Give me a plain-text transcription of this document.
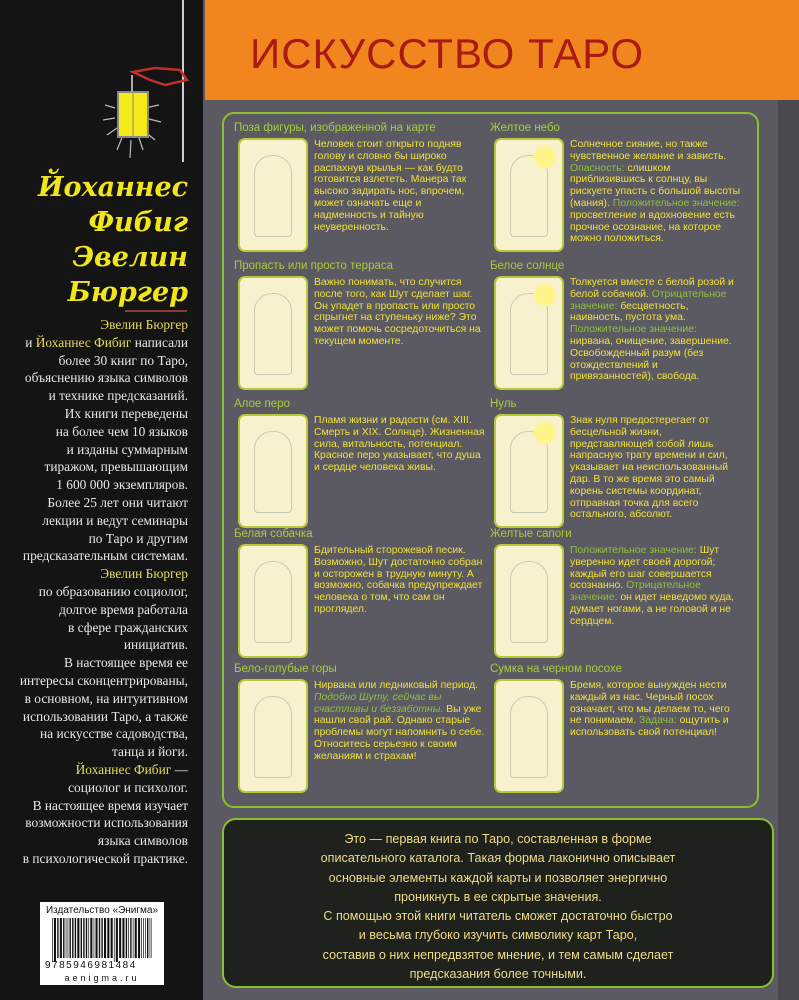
Йоханнес
Фибиг
Эвелин
Бюргер
Эвелин Бюргер
и Йоханнес Фибиг написали
более 30 книг по Таро,
объяснению языка символов
и технике предсказаний.
Их книги переведены
на более чем 10 языков
и изданы суммарным
тиражом, превышающим
1 600 000 экземпляров.
Более 25 лет они читают
лекции и ведут семинары
по Таро и другим
предсказательным системам.
Эвелин Бюргер
по образованию социолог,
долгое время работала
в сфере гражданских
инициатив.
В настоящее время ее
интересы сконцентрированы,
в основном, на интуитивном
использовании Таро, а также
на искусстве садоводства,
танца и йоги.
Йоханнес Фибиг —
социолог и психолог.
В настоящее время изучает
возможности использования
языка символов
в психологической практике.
Издательство «Энигма»
9785946981484
aenigma.ru
ИСКУССТВО ТАРО
Поза фигуры, изображенной на карте
Человек стоит открыто подняв голову и словно бы широко распахнув крылья — как будто готовится взлететь. Манера так высоко задирать нос, впрочем, может означать еще и надменность и тайную неуверенность.
Желтое небо
Солнечное сияние, но также чувственное желание и зависть. Опасность: слишком приблизившись к солнцу, вы рискуете упасть с большой высоты (мания). Положительное значение: просветление и вдохновение есть прочное осознание, на которое можно положиться.
Пропасть или просто терраса
Важно понимать, что случится после того, как Шут сделает шаг. Он упадет в пропасть или просто спрыгнет на ступеньку ниже? Это может помочь сосредоточиться на текущем моменте.
Белое солнце
Толкуется вместе с белой розой и белой собачкой. Отрицательное значение: бесцветность, наивность, пустота ума. Положительное значение: нирвана, очищение, завершение. Освобожденный разум (без отождествлений и привязанностей), свобода.
Алое перо
Пламя жизни и радости (см. XIII. Смерть и XIX. Солнце). Жизненная сила, витальность, потенциал. Красное перо указывает, что душа и сердце человека живы.
Нуль
Знак нуля предостерегает от бесцельной жизни, представляющей собой лишь напрасную трату времени и сил, указывает на неиспользованный дар. В то же время это самый корень системы координат, отправная точка для всего остального, абсолют.
Белая собачка
Бдительный сторожевой песик. Возможно, Шут достаточно собран и осторожен в трудную минуту. А возможно, собачка предупреждает человека о том, что сам он проглядел.
Желтые сапоги
Положительное значение: Шут уверенно идет своей дорогой; каждый его шаг совершается осознанно. Отрицательное значение: он идет неведомо куда, думает ногами, а не головой и не сердцем.
Бело-голубые горы
Нирвана или ледниковый период. Подобно Шуту, сейчас вы счастливы и беззаботны. Вы уже нашли свой рай. Однако старые проблемы могут напомнить о себе. Относитесь серьезно к своим желаниям и страхам!
Сумка на черном посохе
Бремя, которое вынужден нести каждый из нас. Черный посох означает, что мы делаем то, чего не понимаем. Задача: ощутить и использовать свой потенциал!
Это — первая книга по Таро, составленная в форме
описательного каталога. Такая форма лаконично описывает
основные элементы каждой карты и позволяет энергично
проникнуть в ее скрытые значения.
С помощью этой книги читатель сможет достаточно быстро
и весьма глубоко изучить символику карт Таро,
составив о них непредвзятое мнение, и тем самым сделает
предсказания более точными.
